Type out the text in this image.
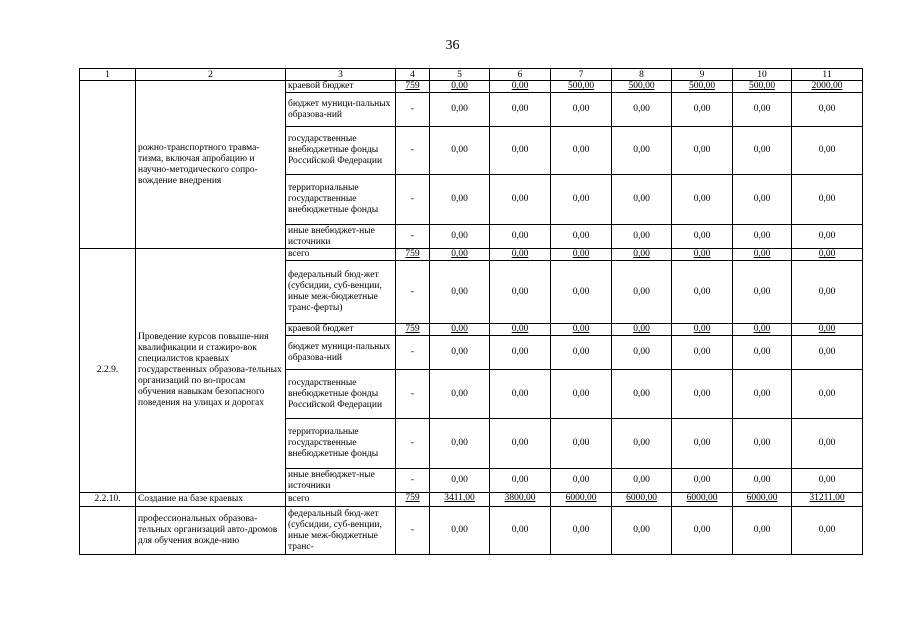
36
1	2	3	4	5	6	7	8	9	10	11
	рожно-транспортного травма-тизма, включая апробацию и научно-методического сопро-вождение внедрения	краевой бюджет	759	0,00	0,00	500,00	500,00	500,00	500,00	2000,00
		бюджет муници-пальных образова-ний	-	0,00	0,00	0,00	0,00	0,00	0,00	0,00
		государственные внебюджетные фонды Российской Федерации	-	0,00	0,00	0,00	0,00	0,00	0,00	0,00
		территориальные государственные внебюджетные фонды	-	0,00	0,00	0,00	0,00	0,00	0,00	0,00
		иные внебюджет-ные источники	-	0,00	0,00	0,00	0,00	0,00	0,00	0,00
2.2.9.	Проведение курсов повыше-ния квалификации и стажиро-вок специалистов краевых государственных образова-тельных организаций по во-просам обучения навыкам безопасного поведения на улицах и дорогах	всего	759	0,00	0,00	0,00	0,00	0,00	0,00	0,00
		федеральный бюд-жет (субсидии, суб-венции, иные меж-бюджетные транс-ферты)	-	0,00	0,00	0,00	0,00	0,00	0,00	0,00
		краевой бюджет	759	0,00	0,00	0,00	0,00	0,00	0,00	0,00
		бюджет муници-пальных образова-ний	-	0,00	0,00	0,00	0,00	0,00	0,00	0,00
		государственные внебюджетные фонды Российской Федерации	-	0,00	0,00	0,00	0,00	0,00	0,00	0,00
		территориальные государственные внебюджетные фонды	-	0,00	0,00	0,00	0,00	0,00	0,00	0,00
		иные внебюджет-ные источники	-	0,00	0,00	0,00	0,00	0,00	0,00	0,00
2.2.10.	Создание на базе краевых	всего	759	3411,00	3800,00	6000,00	6000,00	6000,00	6000,00	31211,00
	профессиональных образова-тельных организаций авто-дромов для обучения вожде-нию	федеральный бюд-жет (субсидии, суб-венции, иные меж-бюджетные транс-	-	0,00	0,00	0,00	0,00	0,00	0,00	0,00
